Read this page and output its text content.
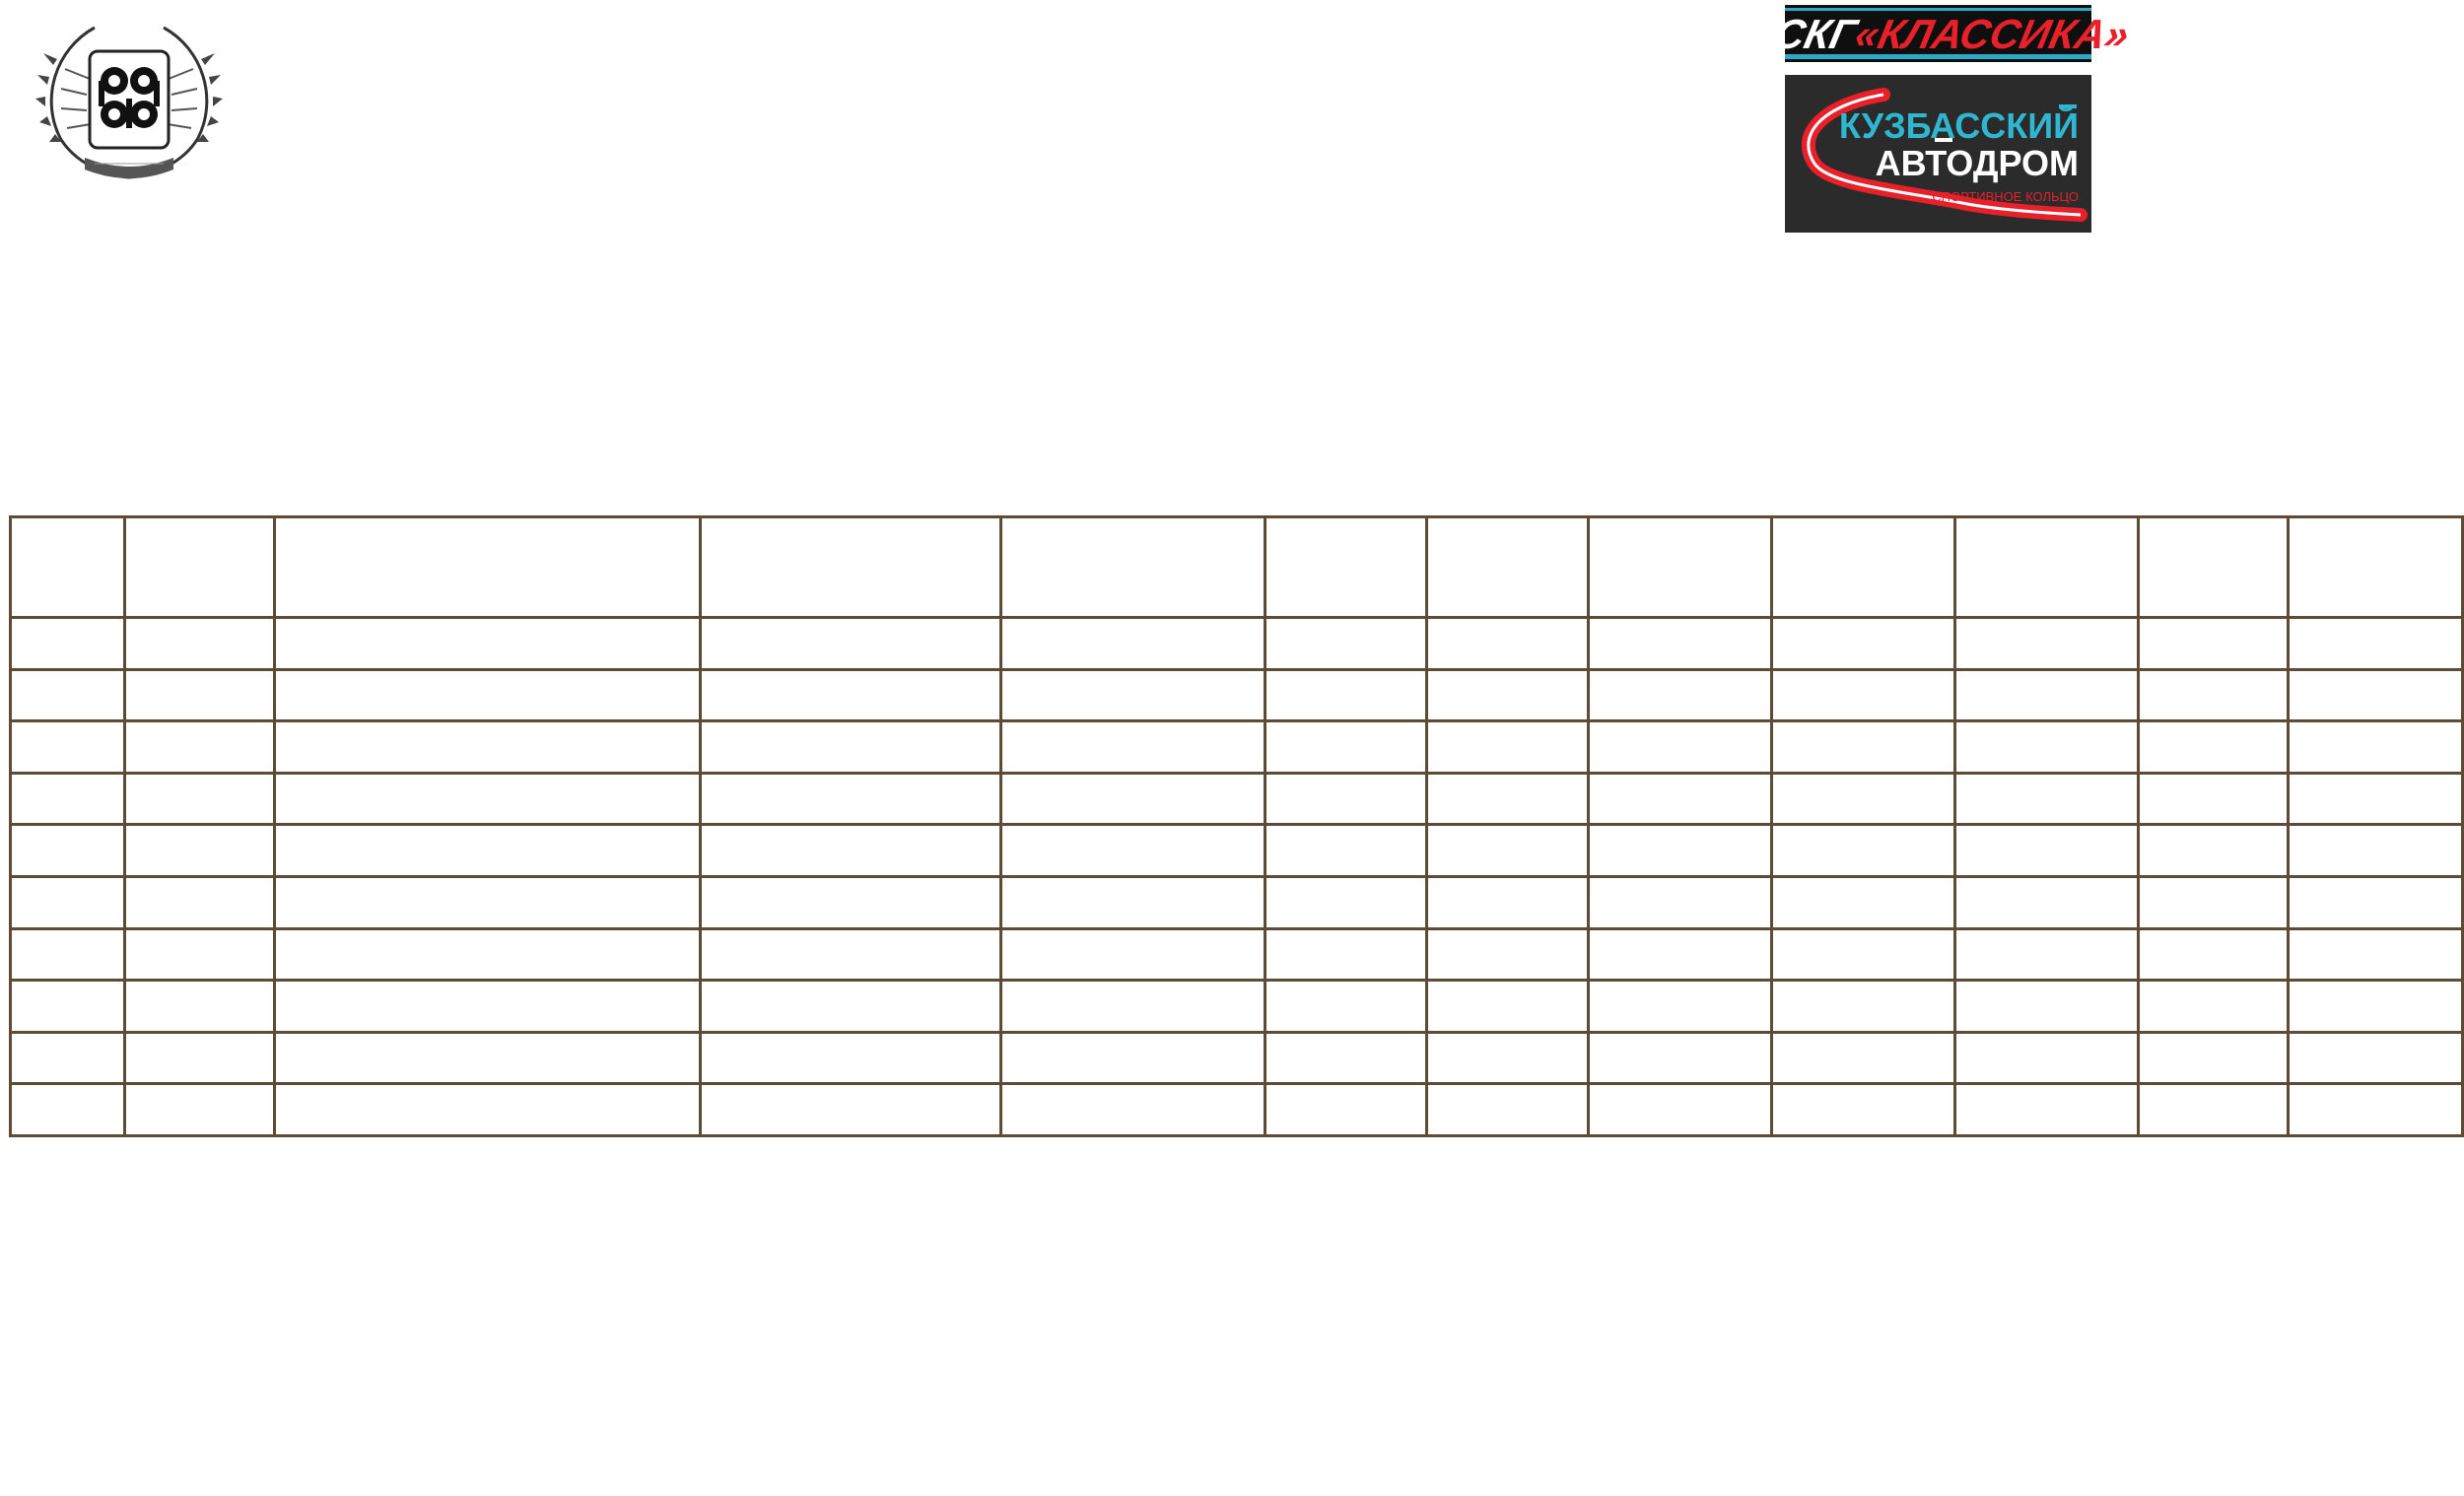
КСКГ«КЛАССИКА»
КУЗБАССКИЙ
АВТОДРОМ
СПОРТИВНОЕ КОЛЬЦО
